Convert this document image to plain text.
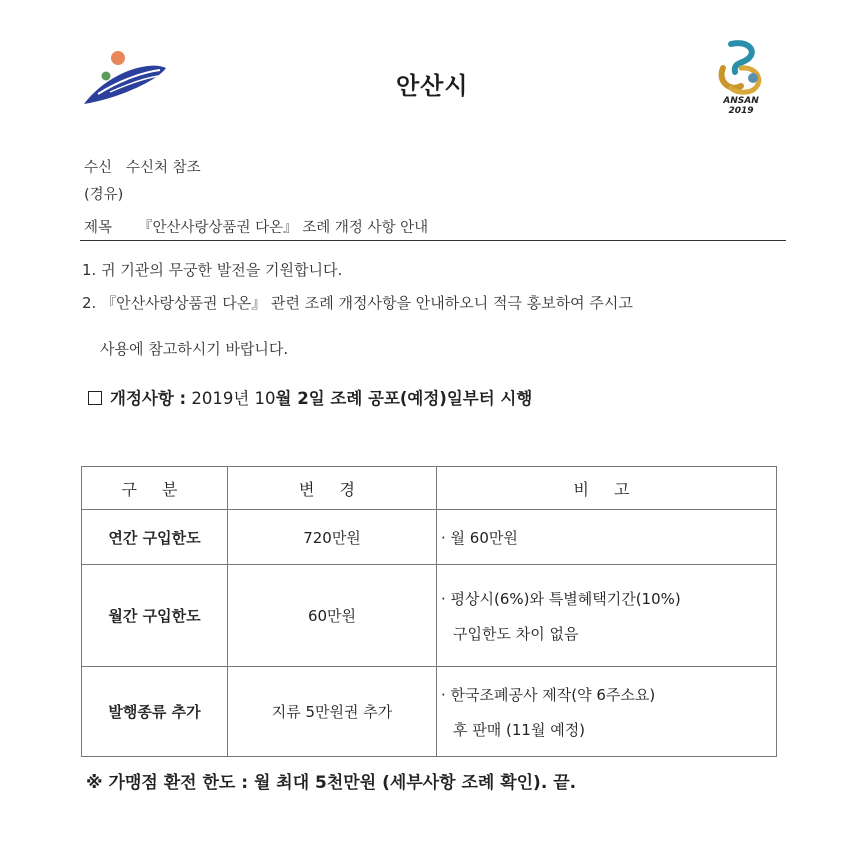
안산시
ANSAN 2019
수신 수신처 참조
(경유)
제목 『안산사랑상품권 다온』 조례 개정 사항 안내
1. 귀 기관의 무궁한 발전을 기원합니다.
2. 『안산사랑상품권 다온』 관련 조례 개정사항을 안내하오니 적극 홍보하여 주시고
사용에 참고하시기 바랍니다.
개정사항 : 2019년 10월 2일 조례 공포(예정)일부터 시행
구 분	변 경	비 고
연간 구입한도	720만원	· 월 60만원

월간 구입한도	60만원	· 평상시(6%)와 특별혜택기간(10%)
구입한도 차이 없음

발행종류 추가	지류 5만원권 추가	· 한국조폐공사 제작(약 6주소요)
후 판매 (11월 예정)
※ 가맹점 환전 한도 : 월 최대 5천만원 (세부사항 조례 확인). 끝.
